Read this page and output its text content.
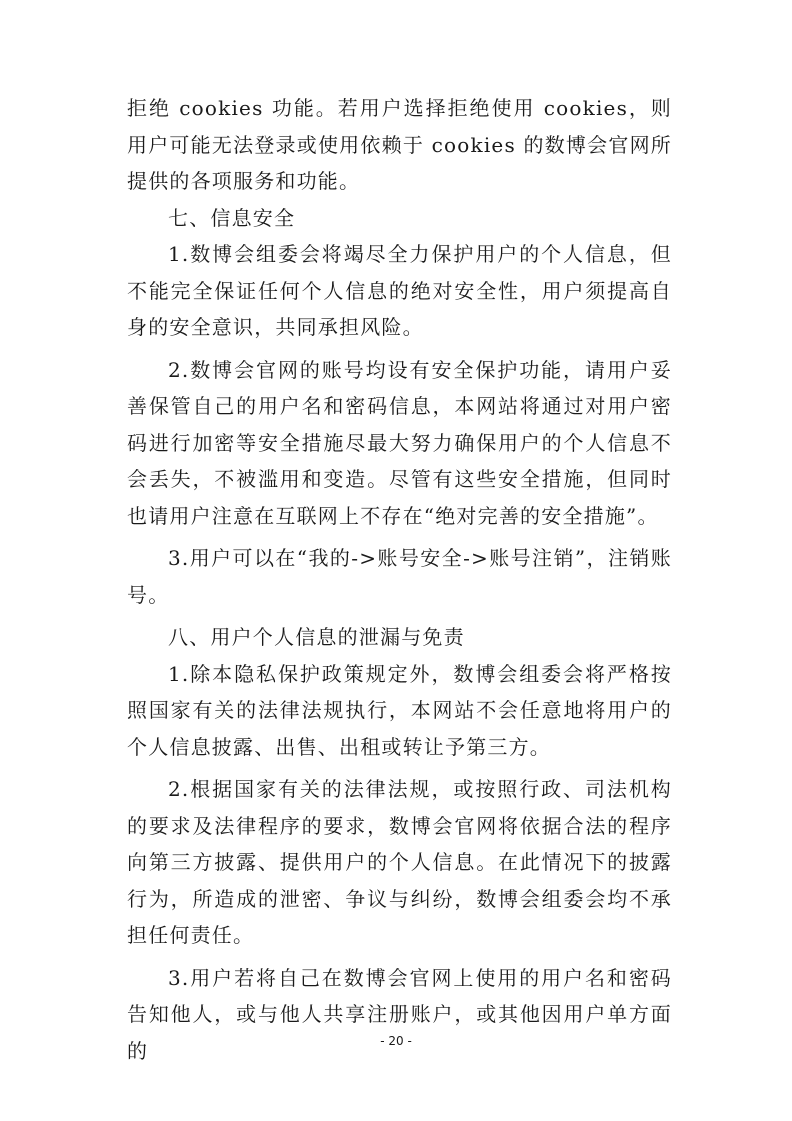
拒绝 cookies 功能。若用户选择拒绝使用 cookies，则用户可能无法登录或使用依赖于 cookies 的数博会官网所提供的各项服务和功能。

七、信息安全

1.数博会组委会将竭尽全力保护用户的个人信息，但不能完全保证任何个人信息的绝对安全性，用户须提高自身的安全意识，共同承担风险。

2.数博会官网的账号均设有安全保护功能，请用户妥善保管自己的用户名和密码信息，本网站将通过对用户密码进行加密等安全措施尽最大努力确保用户的个人信息不会丢失，不被滥用和变造。尽管有这些安全措施，但同时也请用户注意在互联网上不存在“绝对完善的安全措施”。

3.用户可以在“我的->账号安全->账号注销”，注销账号。

八、用户个人信息的泄漏与免责

1.除本隐私保护政策规定外，数博会组委会将严格按照国家有关的法律法规执行，本网站不会任意地将用户的个人信息披露、出售、出租或转让予第三方。

2.根据国家有关的法律法规，或按照行政、司法机构的要求及法律程序的要求，数博会官网将依据合法的程序向第三方披露、提供用户的个人信息。在此情况下的披露行为，所造成的泄密、争议与纠纷，数博会组委会均不承担任何责任。

3.用户若将自己在数博会官网上使用的用户名和密码告知他人，或与他人共享注册账户，或其他因用户单方面的	- 20 -
